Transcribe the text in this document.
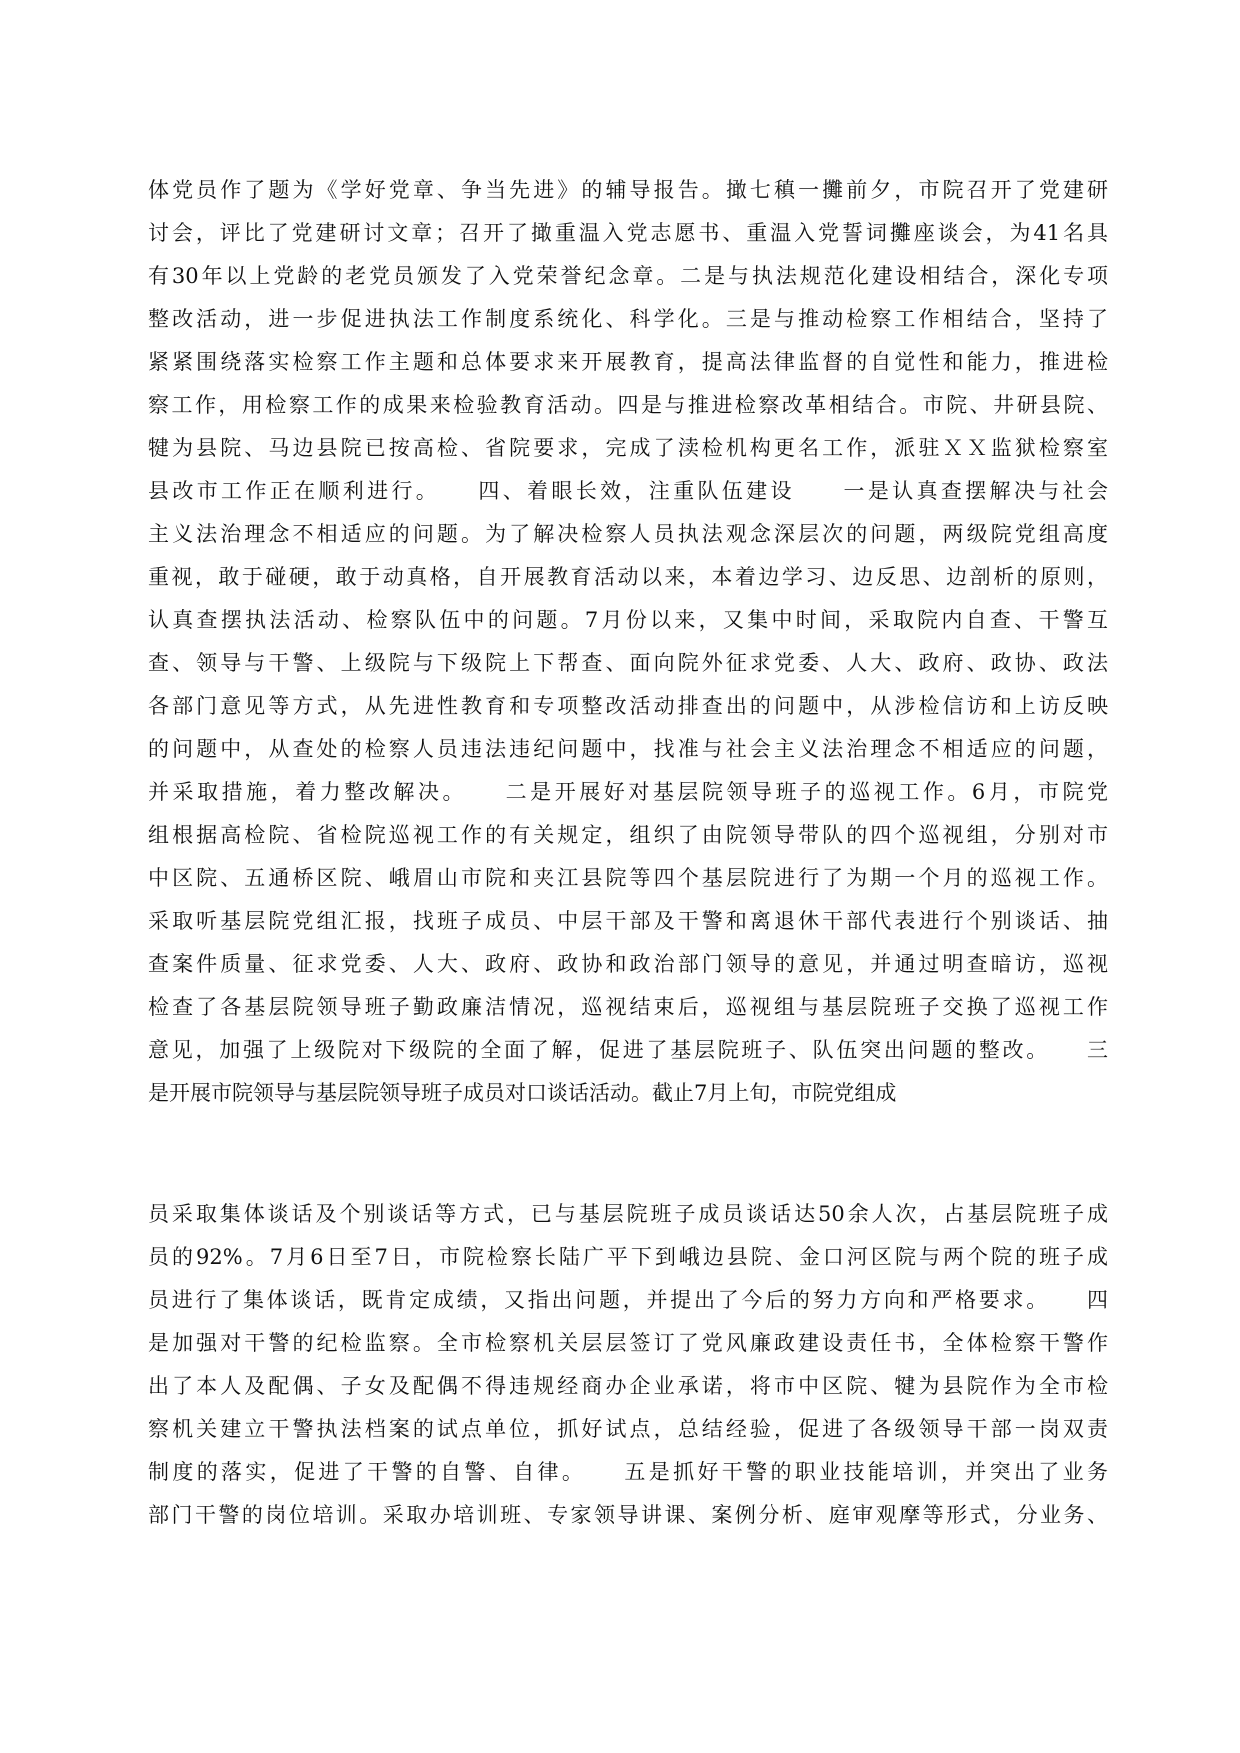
体党员作了题为《学好党章、争当先进》的辅导报告。撖七稹一攤前夕，市院召开了党建研
讨会，评比了党建研讨文章；召开了撖重温入党志愿书、重温入党誓词攤座谈会，为41名具
有30年以上党龄的老党员颁发了入党荣誉纪念章。二是与执法规范化建设相结合，深化专项
整改活动，进一步促进执法工作制度系统化、科学化。三是与推动检察工作相结合，坚持了
紧紧围绕落实检察工作主题和总体要求来开展教育，提高法律监督的自觉性和能力，推进检
察工作，用检察工作的成果来检验教育活动。四是与推进检察改革相结合。市院、井研县院、
犍为县院、马边县院已按高检、省院要求，完成了渎检机构更名工作，派驻ＸＸ监狱检察室
县改市工作正在顺利进行。　　四、着眼长效，注重队伍建设　　一是认真查摆解决与社会
主义法治理念不相适应的问题。为了解决检察人员执法观念深层次的问题，两级院党组高度
重视，敢于碰硬，敢于动真格，自开展教育活动以来，本着边学习、边反思、边剖析的原则，
认真查摆执法活动、检察队伍中的问题。7月份以来，又集中时间，采取院内自查、干警互
查、领导与干警、上级院与下级院上下帮查、面向院外征求党委、人大、政府、政协、政法
各部门意见等方式，从先进性教育和专项整改活动排查出的问题中，从涉检信访和上访反映
的问题中，从查处的检察人员违法违纪问题中，找准与社会主义法治理念不相适应的问题，
并采取措施，着力整改解决。　　二是开展好对基层院领导班子的巡视工作。6月，市院党
组根据高检院、省检院巡视工作的有关规定，组织了由院领导带队的四个巡视组，分别对市
中区院、五通桥区院、峨眉山市院和夹江县院等四个基层院进行了为期一个月的巡视工作。
采取听基层院党组汇报，找班子成员、中层干部及干警和离退休干部代表进行个别谈话、抽
查案件质量、征求党委、人大、政府、政协和政治部门领导的意见，并通过明查暗访，巡视
检查了各基层院领导班子勤政廉洁情况，巡视结束后，巡视组与基层院班子交换了巡视工作
意见，加强了上级院对下级院的全面了解，促进了基层院班子、队伍突出问题的整改。　　三
是开展市院领导与基层院领导班子成员对口谈话活动。截止7月上旬，市院党组成
员采取集体谈话及个别谈话等方式，已与基层院班子成员谈话达50余人次，占基层院班子成
员的92%。7月6日至7日，市院检察长陆广平下到峨边县院、金口河区院与两个院的班子成
员进行了集体谈话，既肯定成绩，又指出问题，并提出了今后的努力方向和严格要求。　　四
是加强对干警的纪检监察。全市检察机关层层签订了党风廉政建设责任书，全体检察干警作
出了本人及配偶、子女及配偶不得违规经商办企业承诺，将市中区院、犍为县院作为全市检
察机关建立干警执法档案的试点单位，抓好试点，总结经验，促进了各级领导干部一岗双责
制度的落实，促进了干警的自警、自律。　　五是抓好干警的职业技能培训，并突出了业务
部门干警的岗位培训。采取办培训班、专家领导讲课、案例分析、庭审观摩等形式，分业务、
